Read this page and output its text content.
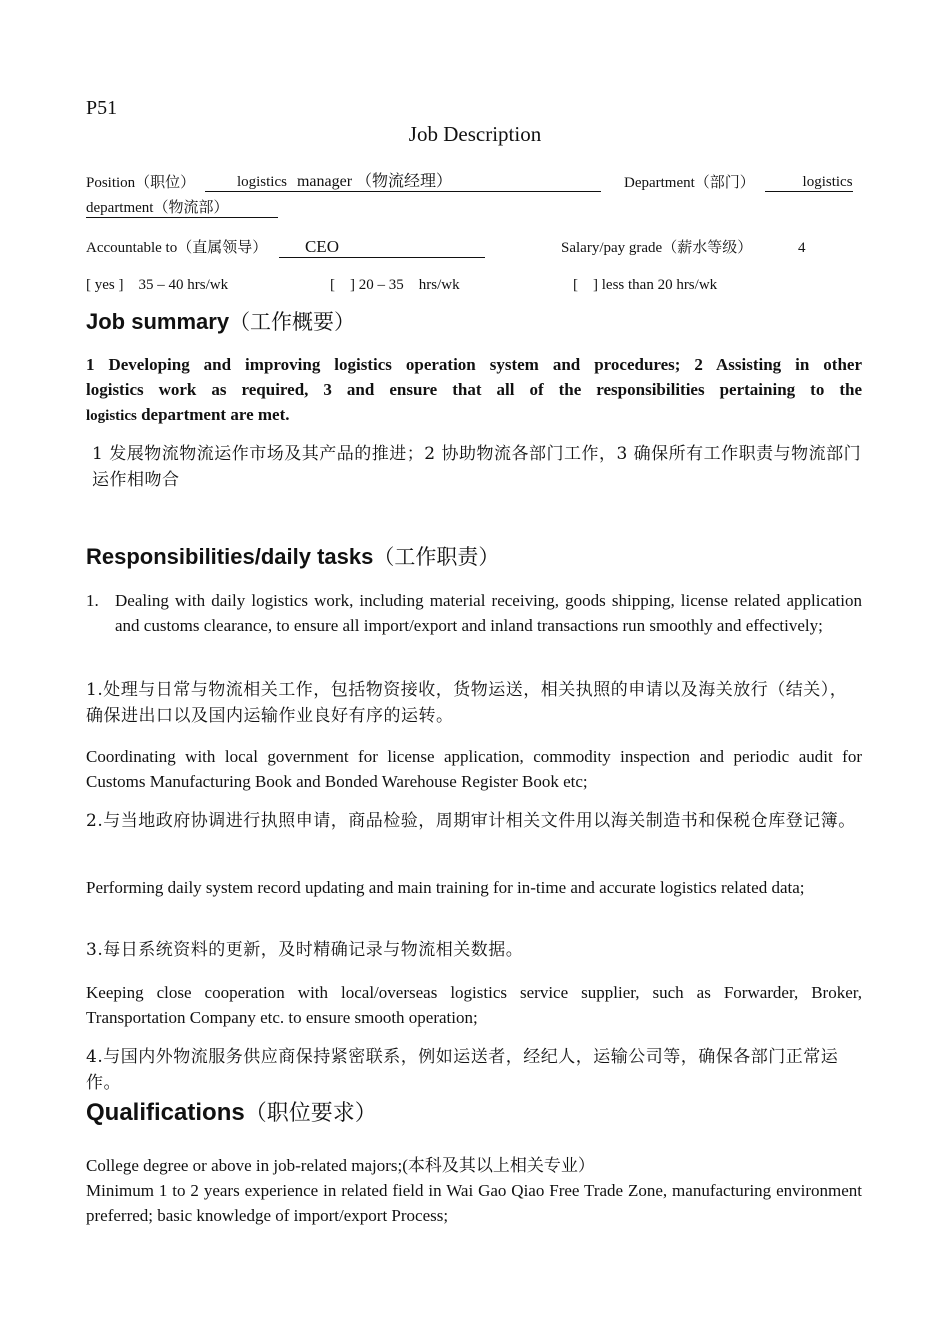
P51
Job Description
Position（职位）	logistics manager （物流经理）	Department（部门）	logistics
department（物流部）
Accountable to（直属领导） CEO	Salary/pay grade（薪水等级）	4
[ yes ]    35 – 40 hrs/wk	[    ] 20 – 35    hrs/wk	[    ] less than 20 hrs/wk
Job summary（工作概要）
1 Developing and improving logistics operation system and procedures; 2 Assisting in other
logistics work as required, 3 and ensure that all of the responsibilities pertaining to the
logistics department are met.
1 发展物流物流运作市场及其产品的推进；2 协助物流各部门工作，3 确保所有工作职责与物流部门运作相吻合
Responsibilities/daily tasks（工作职责）
1. Dealing with daily logistics work, including material receiving, goods shipping, license related application and customs clearance, to ensure all import/export and inland transactions run smoothly and effectively;
1.处理与日常与物流相关工作，包括物资接收，货物运送，相关执照的申请以及海关放行（结关），确保进出口以及国内运输作业良好有序的运转。
Coordinating with local government for license application, commodity inspection and periodic audit for Customs Manufacturing Book and Bonded Warehouse Register Book etc;
2.与当地政府协调进行执照申请，商品检验，周期审计相关文件用以海关制造书和保税仓库登记簿。
Performing daily system record updating and main training for in-time and accurate logistics related data;
3.每日系统资料的更新，及时精确记录与物流相关数据。
Keeping close cooperation with local/overseas logistics service supplier, such as Forwarder, Broker, Transportation Company etc. to ensure smooth operation;
4.与国内外物流服务供应商保持紧密联系，例如运送者，经纪人，运输公司等，确保各部门正常运作。
Qualifications（职位要求）
College degree or above in job-related majors;(本科及其以上相关专业）
Minimum 1 to 2 years experience in related field in Wai Gao Qiao Free Trade Zone, manufacturing environment preferred; basic knowledge of import/export Process;
